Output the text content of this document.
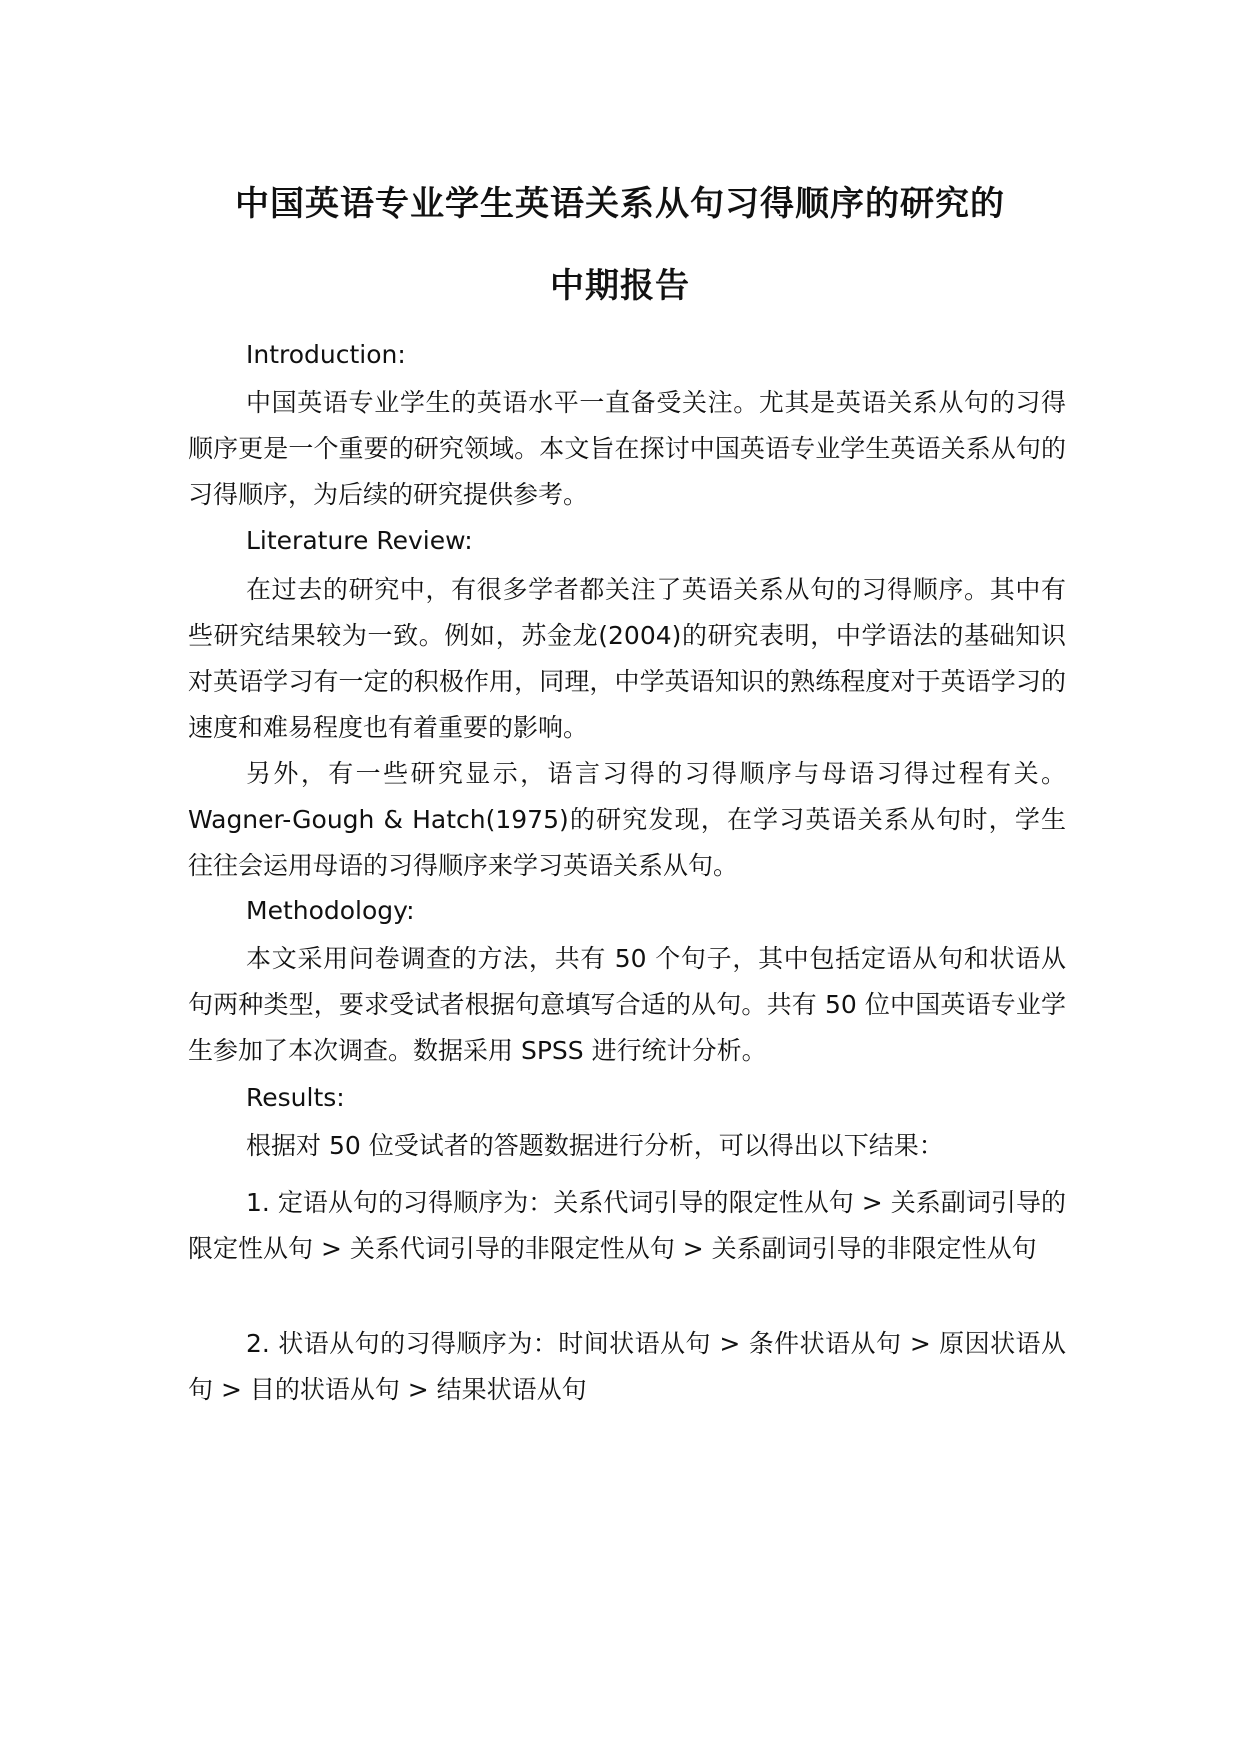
中国英语专业学生英语关系从句习得顺序的研究的
中期报告

Introduction:

中国英语专业学生的英语水平一直备受关注。尤其是英语关系从句的习得顺序更是一个重要的研究领域。本文旨在探讨中国英语专业学生英语关系从句的习得顺序，为后续的研究提供参考。

Literature Review:

在过去的研究中，有很多学者都关注了英语关系从句的习得顺序。其中有些研究结果较为一致。例如，苏金龙(2004)的研究表明，中学语法的基础知识对英语学习有一定的积极作用，同理，中学英语知识的熟练程度对于英语学习的速度和难易程度也有着重要的影响。

另外，有一些研究显示，语言习得的习得顺序与母语习得过程有关。Wagner-Gough & Hatch(1975)的研究发现，在学习英语关系从句时，学生往往会运用母语的习得顺序来学习英语关系从句。

Methodology:

本文采用问卷调查的方法，共有 50 个句子，其中包括定语从句和状语从句两种类型，要求受试者根据句意填写合适的从句。共有 50 位中国英语专业学生参加了本次调查。数据采用 SPSS 进行统计分析。

Results:

根据对 50 位受试者的答题数据进行分析，可以得出以下结果：

1. 定语从句的习得顺序为：关系代词引导的限定性从句 > 关系副词引导的限定性从句 > 关系代词引导的非限定性从句 > 关系副词引导的非限定性从句

2. 状语从句的习得顺序为：时间状语从句 > 条件状语从句 > 原因状语从句 > 目的状语从句 > 结果状语从句
